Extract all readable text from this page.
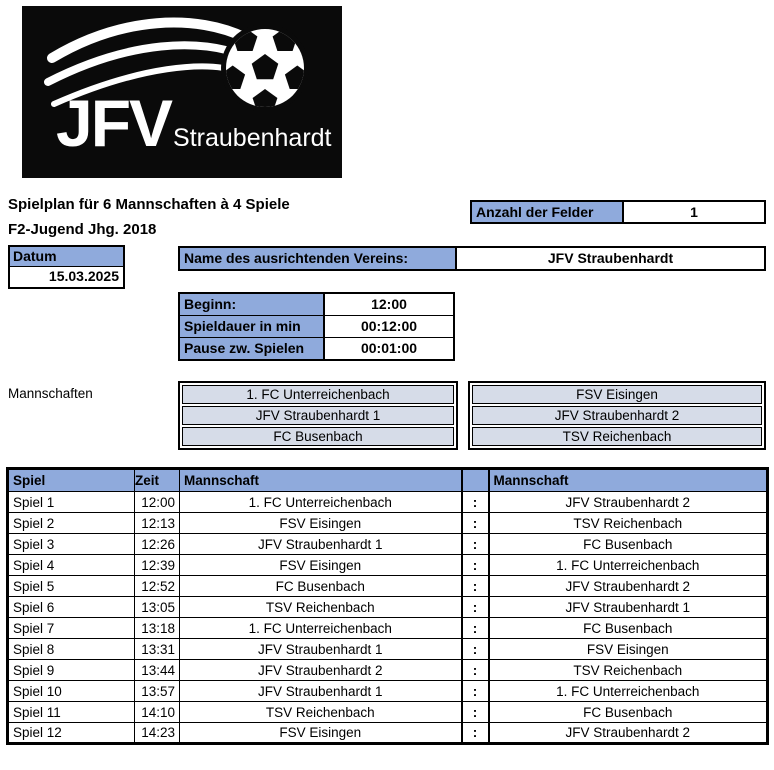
JFV Straubenhardt
Spielplan für 6 Mannschaften à 4 Spiele
F2-Jugend Jhg. 2018
Anzahl der Felder	1
Datum
15.03.2025
Name des ausrichtenden Vereins:	JFV Straubenhardt
Beginn:	12:00
Spieldauer in min	00:12:00
Pause zw. Spielen	00:01:00
Mannschaften	1. FC Unterreichenbach
JFV Straubenhardt 1
FC Busenbach
FSV Eisingen
JFV Straubenhardt 2
TSV Reichenbach
Spiel	Zeit	Mannschaft		Mannschaft
Spiel 1	12:00	1. FC Unterreichenbach	:	JFV Straubenhardt 2
Spiel 2	12:13	FSV Eisingen	:	TSV Reichenbach
Spiel 3	12:26	JFV Straubenhardt 1	:	FC Busenbach
Spiel 4	12:39	FSV Eisingen	:	1. FC Unterreichenbach
Spiel 5	12:52	FC Busenbach	:	JFV Straubenhardt 2
Spiel 6	13:05	TSV Reichenbach	:	JFV Straubenhardt 1
Spiel 7	13:18	1. FC Unterreichenbach	:	FC Busenbach
Spiel 8	13:31	JFV Straubenhardt 1	:	FSV Eisingen
Spiel 9	13:44	JFV Straubenhardt 2	:	TSV Reichenbach
Spiel 10	13:57	JFV Straubenhardt 1	:	1. FC Unterreichenbach
Spiel 11	14:10	TSV Reichenbach	:	FC Busenbach
Spiel 12	14:23	FSV Eisingen	:	JFV Straubenhardt 2
